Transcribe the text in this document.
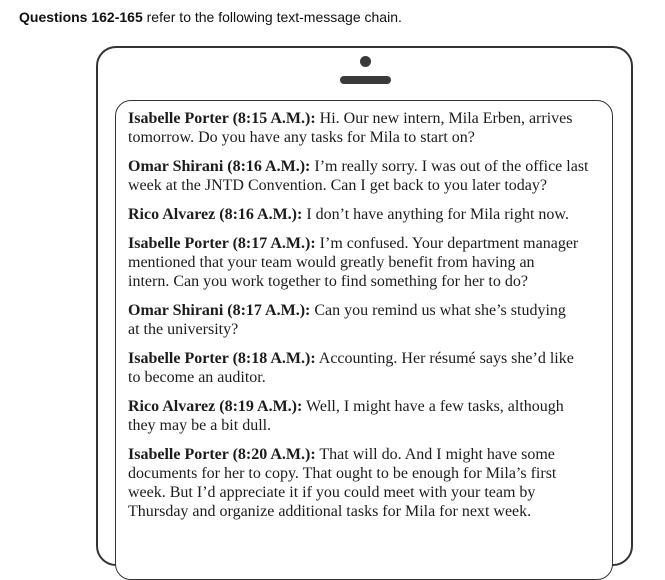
Questions 162-165 refer to the following text-message chain.
Isabelle Porter (8:15 A.M.): Hi. Our new intern, Mila Erben, arrives
tomorrow. Do you have any tasks for Mila to start on?
Omar Shirani (8:16 A.M.): I’m really sorry. I was out of the office last
week at the JNTD Convention. Can I get back to you later today?
Rico Alvarez (8:16 A.M.): I don’t have anything for Mila right now.
Isabelle Porter (8:17 A.M.): I’m confused. Your department manager
mentioned that your team would greatly benefit from having an
intern. Can you work together to find something for her to do?
Omar Shirani (8:17 A.M.): Can you remind us what she’s studying
at the university?
Isabelle Porter (8:18 A.M.): Accounting. Her résumé says she’d like
to become an auditor.
Rico Alvarez (8:19 A.M.): Well, I might have a few tasks, although
they may be a bit dull.
Isabelle Porter (8:20 A.M.): That will do. And I might have some
documents for her to copy. That ought to be enough for Mila’s first
week. But I’d appreciate it if you could meet with your team by
Thursday and organize additional tasks for Mila for next week.
